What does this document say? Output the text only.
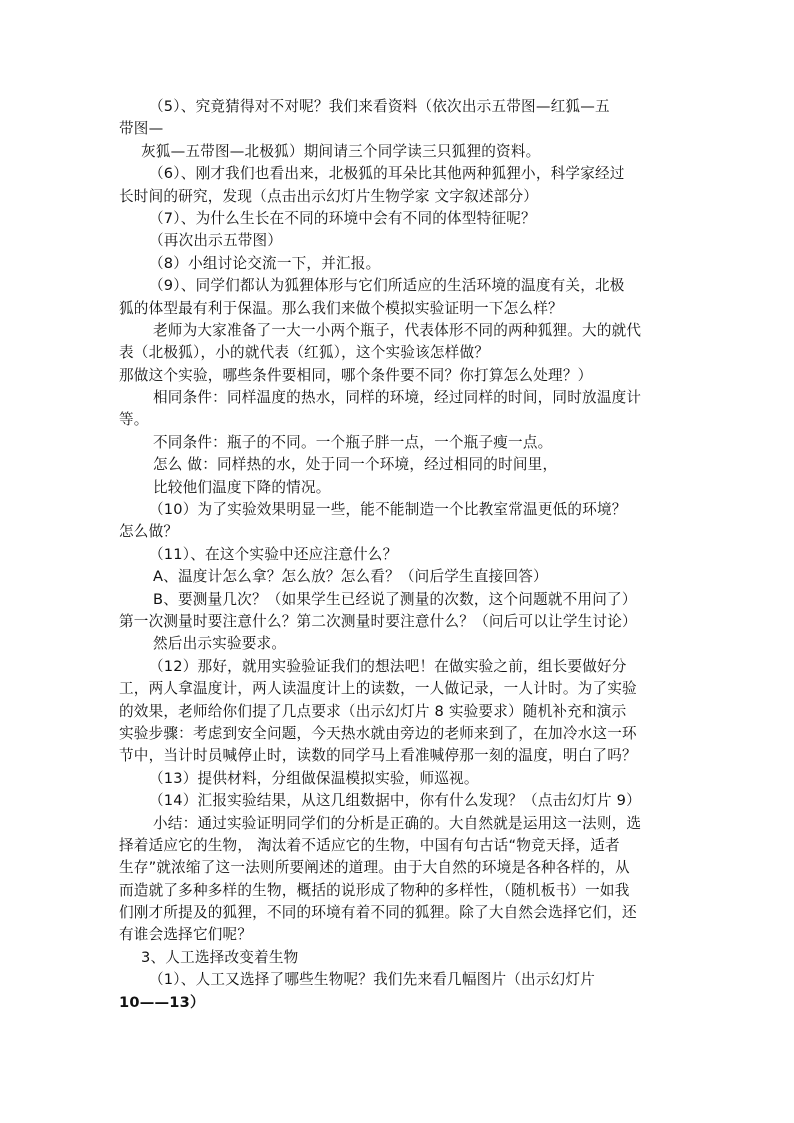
（5）、究竟猜得对不对呢？我们来看资料（依次出示五带图—红狐—五
带图—
灰狐—五带图—北极狐）期间请三个同学读三只狐狸的资料。
（6）、刚才我们也看出来，北极狐的耳朵比其他两种狐狸小，科学家经过
长时间的研究，发现（点击出示幻灯片生物学家 文字叙述部分）
（7）、为什么生长在不同的环境中会有不同的体型特征呢？
（再次出示五带图）
（8）小组讨论交流一下，并汇报。
（9）、同学们都认为狐狸体形与它们所适应的生活环境的温度有关，北极
狐的体型最有利于保温。那么我们来做个模拟实验证明一下怎么样？
老师为大家准备了一大一小两个瓶子，代表体形不同的两种狐狸。大的就代
表（北极狐），小的就代表（红狐），这个实验该怎样做？
那做这个实验，哪些条件要相同，哪个条件要不同？你打算怎么处理？）
相同条件：同样温度的热水，同样的环境，经过同样的时间，同时放温度计
等。
不同条件：瓶子的不同。一个瓶子胖一点，一个瓶子瘦一点。
怎么 做：同样热的水，处于同一个环境，经过相同的时间里，
比较他们温度下降的情况。
（10）为了实验效果明显一些，能不能制造一个比教室常温更低的环境？
怎么做？
（11）、在这个实验中还应注意什么？
A、温度计怎么拿？怎么放？怎么看？（问后学生直接回答）
B、要测量几次？（如果学生已经说了测量的次数，这个问题就不用问了）
第一次测量时要注意什么？第二次测量时要注意什么？（问后可以让学生讨论）
然后出示实验要求。
（12）那好，就用实验验证我们的想法吧！在做实验之前，组长要做好分
工，两人拿温度计，两人读温度计上的读数，一人做记录，一人计时。为了实验
的效果，老师给你们提了几点要求（出示幻灯片 8 实验要求）随机补充和演示
实验步骤：考虑到安全问题，今天热水就由旁边的老师来到了，在加冷水这一环
节中，当计时员喊停止时，读数的同学马上看准喊停那一刻的温度，明白了吗？
（13）提供材料，分组做保温模拟实验，师巡视。
（14）汇报实验结果，从这几组数据中，你有什么发现？（点击幻灯片 9）
小结：通过实验证明同学们的分析是正确的。大自然就是运用这一法则，选
择着适应它的生物， 淘汰着不适应它的生物，中国有句古话“物竞天择，适者
生存”就浓缩了这一法则所要阐述的道理。由于大自然的环境是各种各样的，从
而造就了多种多样的生物，概括的说形成了物种的多样性，（随机板书）一如我
们刚才所提及的狐狸，不同的环境有着不同的狐狸。除了大自然会选择它们，还
有谁会选择它们呢？
3、人工选择改变着生物
（1）、人工又选择了哪些生物呢？我们先来看几幅图片（出示幻灯片
10——13）
